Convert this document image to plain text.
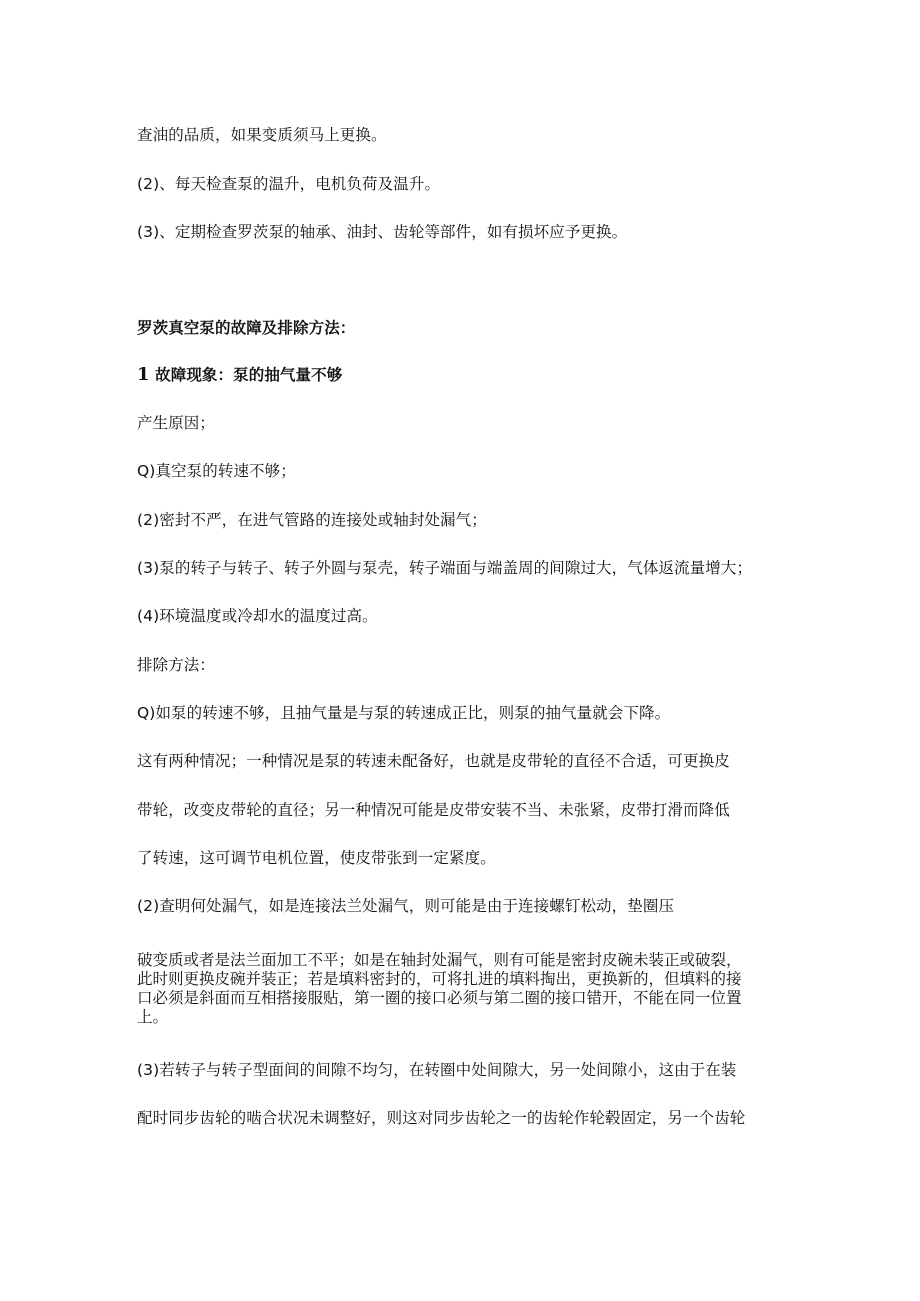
查油的品质，如果变质须马上更换。
(2)、每天检查泵的温升，电机负荷及温升。
(3)、定期检查罗茨泵的轴承、油封、齿轮等部件，如有损坏应予更换。
罗茨真空泵的故障及排除方法：
1 故障现象：泵的抽气量不够
产生原因；
Q)真空泵的转速不够；
(2)密封不严，在进气管路的连接处或轴封处漏气；
(3)泵的转子与转子、转子外圆与泵壳，转子端面与端盖周的间隙过大，气体返流量增大；
(4)环境温度或冷却水的温度过高。
排除方法：
Q)如泵的转速不够，且抽气量是与泵的转速成正比，则泵的抽气量就会下降。
这有两种情况；一种情况是泵的转速未配备好，也就是皮带轮的直径不合适，可更换皮
带轮，改变皮带轮的直径；另一种情况可能是皮带安装不当、未张紧，皮带打滑而降低
了转速，这可调节电机位置，使皮带张到一定紧度。
(2)查明何处漏气，如是连接法兰处漏气，则可能是由于连接螺钉松动，垫圈压

破变质或者是法兰面加工不平；如是在轴封处漏气，则有可能是密封皮碗未装正或破裂，

此时则更换皮碗并装正；若是填料密封的，可将扎进的填料掏出，更换新的，但填料的接

口必须是斜面而互相搭接服贴，第一圈的接口必须与第二圈的接口错开，不能在同一位置

上。

(3)若转子与转子型面间的间隙不均匀，在转圈中处间隙大，另一处间隙小，这由于在装
配时同步齿轮的啮合状况未调整好，则这对同步齿轮之一的齿轮作轮毂固定，另一个齿轮
